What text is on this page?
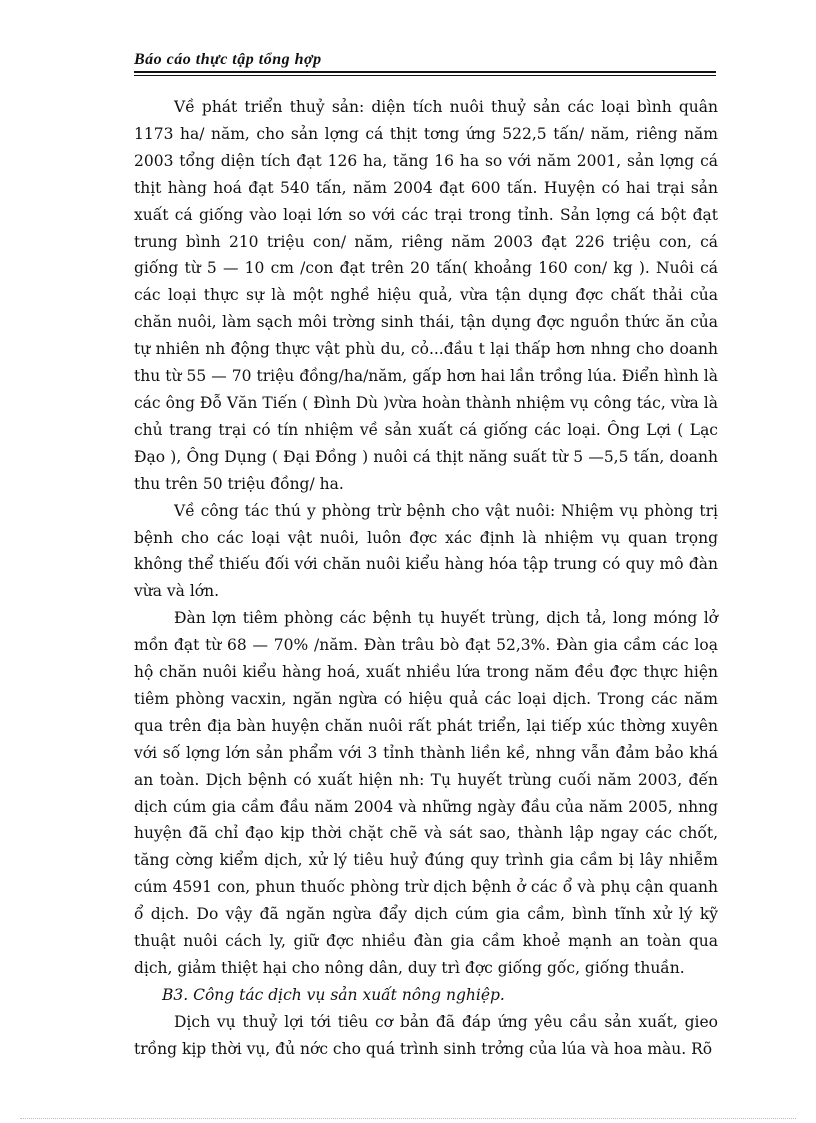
Báo cáo thực tập tổng hợp

Về phát triển thuỷ sản: diện tích nuôi thuỷ sản các loại bình quân 1173 ha/ năm, cho sản lợng cá thịt tơng ứng 522,5 tấn/ năm, riêng năm 2003 tổng diện tích đạt 126 ha, tăng 16 ha so với năm 2001, sản lợng cá thịt hàng hoá đạt 540 tấn, năm 2004 đạt 600 tấn. Huyện có hai trại sản xuất cá giống vào loại lớn so với các trại trong tỉnh. Sản lợng cá bột đạt trung bình 210 triệu con/ năm, riêng năm 2003 đạt 226 triệu con, cá giống từ 5 — 10 cm /con đạt trên 20 tấn( khoảng 160 con/ kg ). Nuôi cá các loại thực sự là một nghề hiệu quả, vừa tận dụng đợc chất thải của chăn nuôi, làm sạch môi trờng sinh thái, tận dụng đợc nguồn thức ăn của tự nhiên nh động thực vật phù du, cỏ...đầu t lại thấp hơn nhng cho doanh thu từ 55 — 70 triệu đồng/ha/năm, gấp hơn hai lần trồng lúa. Điển hình là các ông Đỗ Văn Tiến ( Đình Dù )vừa hoàn thành nhiệm vụ công tác, vừa là chủ trang trại có tín nhiệm về sản xuất cá giống các loại. Ông Lợi ( Lạc Đạo ), Ông Dụng ( Đại Đồng ) nuôi cá thịt năng suất từ 5 —5,5 tấn, doanh thu trên 50 triệu đồng/ ha.

Về công tác thú y phòng trừ bệnh cho vật nuôi: Nhiệm vụ phòng trị bệnh cho các loại vật nuôi, luôn đợc xác định là nhiệm vụ quan trọng không thể thiếu đối với chăn nuôi kiểu hàng hóa tập trung có quy mô đàn vừa và lớn.

Đàn lợn tiêm phòng các bệnh tụ huyết trùng, dịch tả, long móng lở mồn đạt từ 68 — 70% /năm. Đàn trâu bò đạt 52,3%. Đàn gia cầm các loạ hộ chăn nuôi kiểu hàng hoá, xuất nhiều lứa trong năm đều đợc thực hiện tiêm phòng vacxin, ngăn ngừa có hiệu quả các loại dịch. Trong các năm qua trên địa bàn huyện chăn nuôi rất phát triển, lại tiếp xúc thờng xuyên với số lợng lớn sản phẩm với 3 tỉnh thành liền kề, nhng vẫn đảm bảo khá an toàn. Dịch bệnh có xuất hiện nh: Tụ huyết trùng cuối năm 2003, đến dịch cúm gia cầm đầu năm 2004 và những ngày đầu của năm 2005, nhng huyện đã chỉ đạo kịp thời chặt chẽ và sát sao, thành lập ngay các chốt, tăng cờng kiểm dịch, xử lý tiêu huỷ đúng quy trình gia cầm bị lây nhiễm cúm 4591 con, phun thuốc phòng trừ dịch bệnh ở các ổ và phụ cận quanh ổ dịch. Do vậy đã ngăn ngừa đẩy dịch cúm gia cầm, bình tĩnh xử lý kỹ thuật nuôi cách ly, giữ đợc nhiều đàn gia cầm khoẻ mạnh an toàn qua dịch, giảm thiệt hại cho nông dân, duy trì đợc giống gốc, giống thuần.

B3. Công tác dịch vụ sản xuất nông nghiệp.

Dịch vụ thuỷ lợi tới tiêu cơ bản đã đáp ứng yêu cầu sản xuất, gieo trồng kịp thời vụ, đủ nớc cho quá trình sinh trởng của lúa và hoa màu. Rõ
